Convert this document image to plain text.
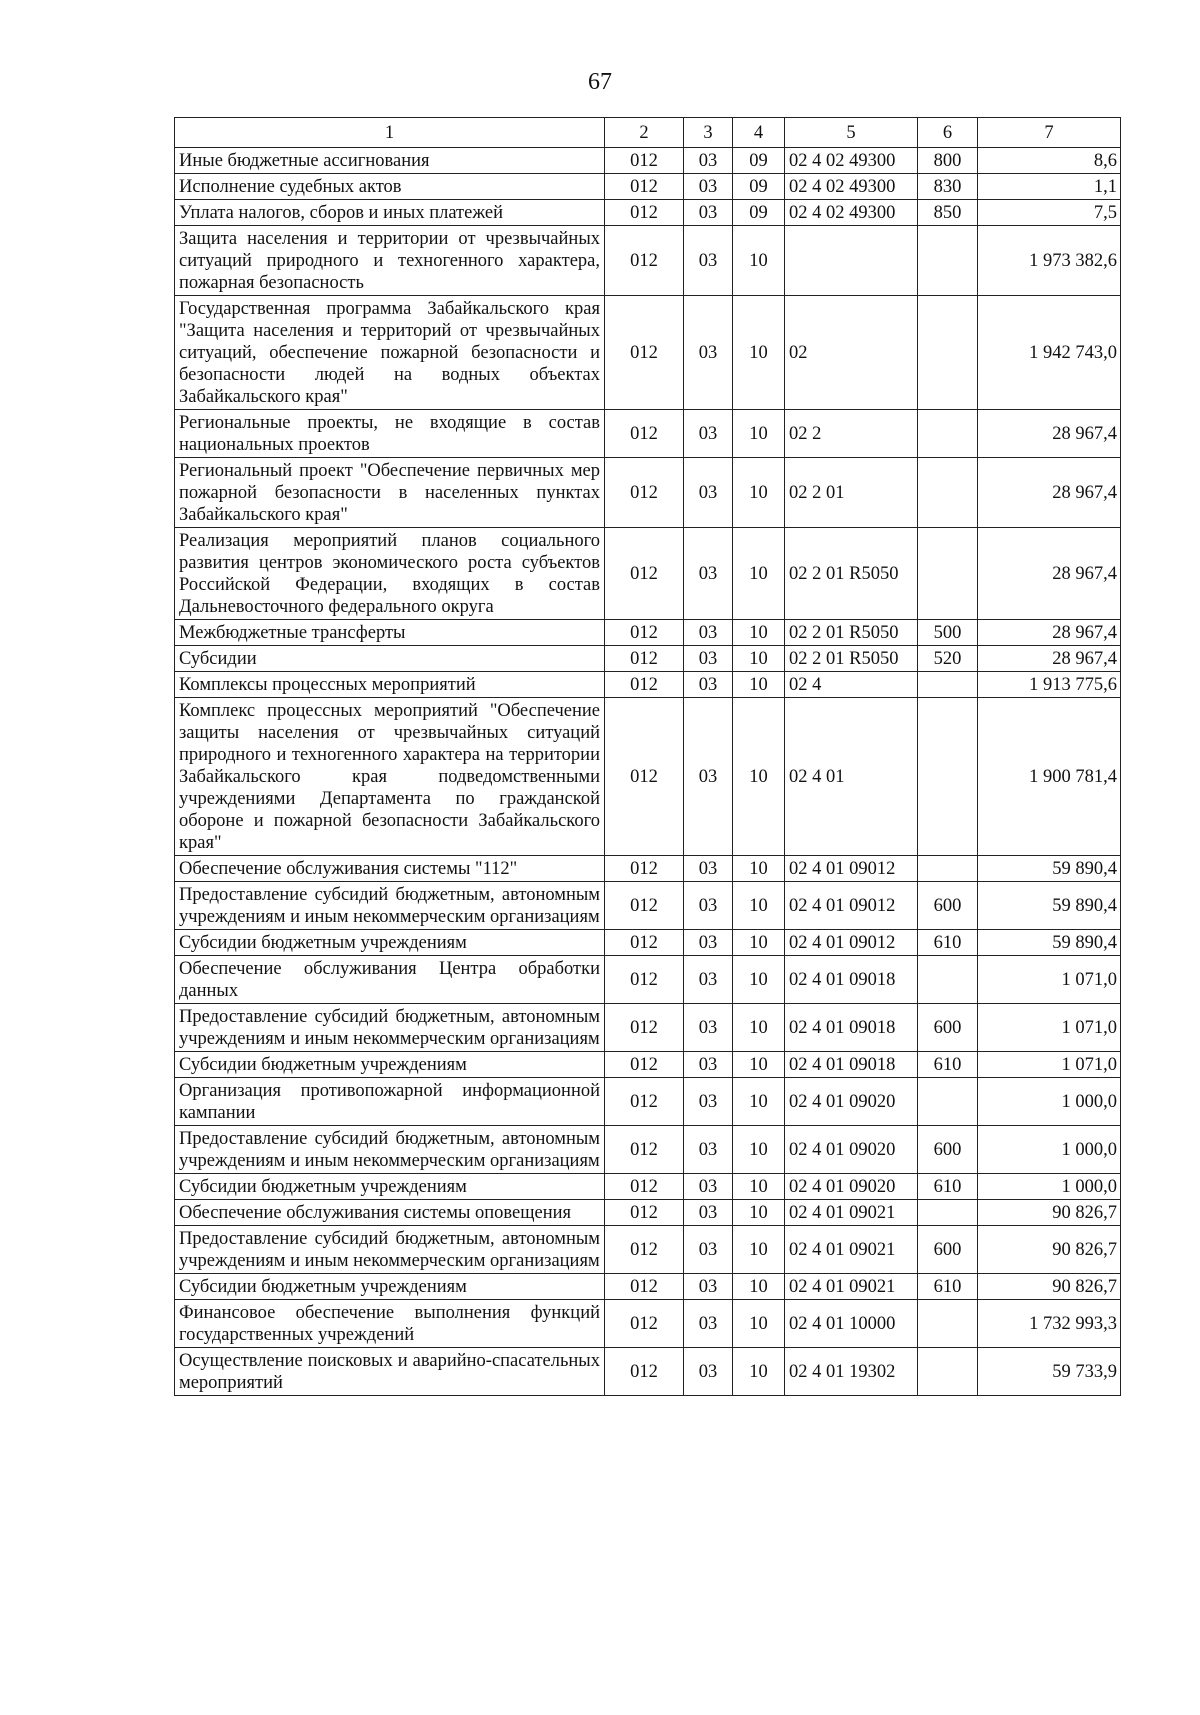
67
1	2	3	4	5	6	7
Иные бюджетные ассигнования	012	03	09	02 4 02 49300	800	8,6
Исполнение судебных актов	012	03	09	02 4 02 49300	830	1,1
Уплата налогов, сборов и иных платежей	012	03	09	02 4 02 49300	850	7,5
Защита населения и территории от чрезвычайных ситуаций природного и техногенного характера, пожарная безопасность	012	03	10			1 973 382,6
Государственная программа Забайкальского края "Защита населения и территорий от чрезвычайных ситуаций, обеспечение пожарной безопасности и безопасности людей на водных объектах Забайкальского края"	012	03	10	02		1 942 743,0
Региональные проекты, не входящие в состав национальных проектов	012	03	10	02 2		28 967,4
Региональный проект "Обеспечение первичных мер пожарной безопасности в населенных пунктах Забайкальского края"	012	03	10	02 2 01		28 967,4
Реализация мероприятий планов социального развития центров экономического роста субъектов Российской Федерации, входящих в состав Дальневосточного федерального округа	012	03	10	02 2 01 R5050		28 967,4
Межбюджетные трансферты	012	03	10	02 2 01 R5050	500	28 967,4
Субсидии	012	03	10	02 2 01 R5050	520	28 967,4
Комплексы процессных мероприятий	012	03	10	02 4		1 913 775,6
Комплекс процессных мероприятий "Обеспечение защиты населения от чрезвычайных ситуаций природного и техногенного характера на территории Забайкальского края подведомственными учреждениями Департамента по гражданской обороне и пожарной безопасности Забайкальского края"	012	03	10	02 4 01		1 900 781,4
Обеспечение обслуживания системы "112"	012	03	10	02 4 01 09012		59 890,4
Предоставление субсидий бюджетным, автономным учреждениям и иным некоммерческим организациям	012	03	10	02 4 01 09012	600	59 890,4
Субсидии бюджетным учреждениям	012	03	10	02 4 01 09012	610	59 890,4
Обеспечение обслуживания Центра обработки данных	012	03	10	02 4 01 09018		1 071,0
Предоставление субсидий бюджетным, автономным учреждениям и иным некоммерческим организациям	012	03	10	02 4 01 09018	600	1 071,0
Субсидии бюджетным учреждениям	012	03	10	02 4 01 09018	610	1 071,0
Организация противопожарной информационной кампании	012	03	10	02 4 01 09020		1 000,0
Предоставление субсидий бюджетным, автономным учреждениям и иным некоммерческим организациям	012	03	10	02 4 01 09020	600	1 000,0
Субсидии бюджетным учреждениям	012	03	10	02 4 01 09020	610	1 000,0
Обеспечение обслуживания системы оповещения	012	03	10	02 4 01 09021		90 826,7
Предоставление субсидий бюджетным, автономным учреждениям и иным некоммерческим организациям	012	03	10	02 4 01 09021	600	90 826,7
Субсидии бюджетным учреждениям	012	03	10	02 4 01 09021	610	90 826,7
Финансовое обеспечение выполнения функций государственных учреждений	012	03	10	02 4 01 10000		1 732 993,3
Осуществление поисковых и аварийно-спасательных мероприятий	012	03	10	02 4 01 19302		59 733,9
